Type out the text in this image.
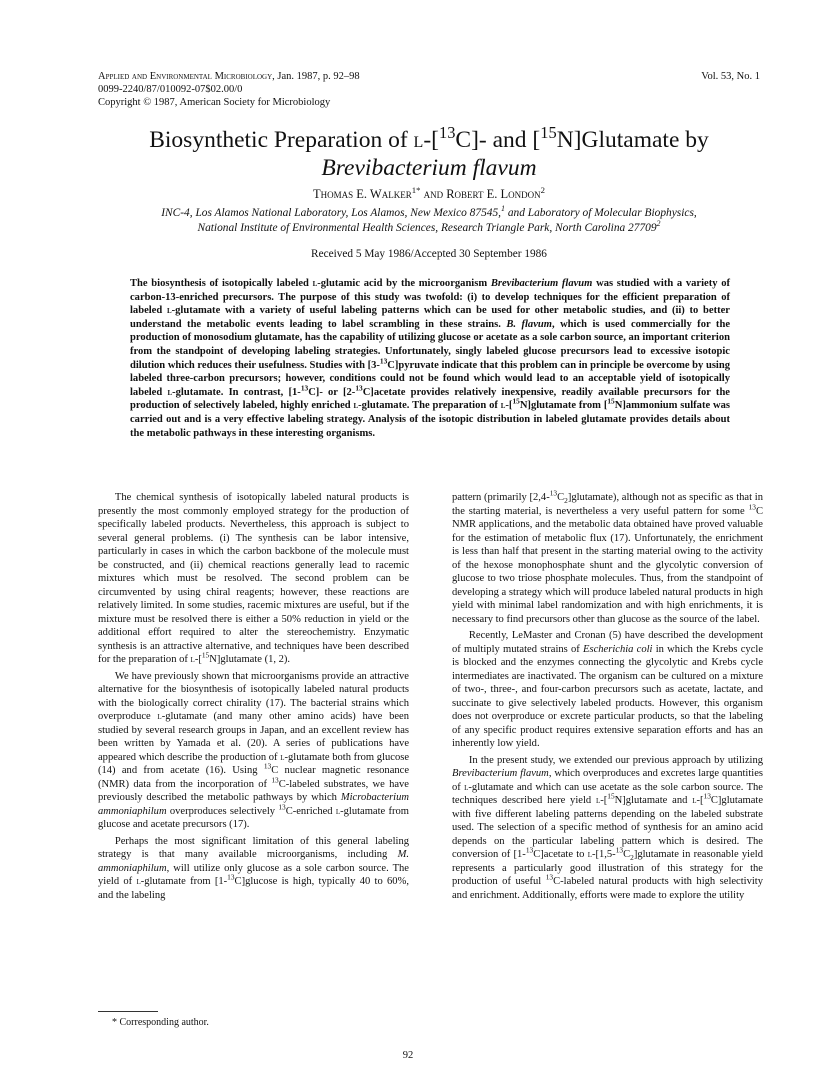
Applied and Environmental Microbiology, Jan. 1987, p. 92–98
0099-2240/87/010092-07$02.00/0
Copyright © 1987, American Society for Microbiology
Vol. 53, No. 1
Biosynthetic Preparation of l-[$^{13}$C]- and [$^{15}$N]Glutamate by
Brevibacterium flavum
Thomas E. Walker$^{1*}$ and Robert E. London$^2$
INC-4, Los Alamos National Laboratory, Los Alamos, New Mexico 87545,$^1$ and Laboratory of Molecular Biophysics,
National Institute of Environmental Health Sciences, Research Triangle Park, North Carolina 27709$^2$
Received 5 May 1986/Accepted 30 September 1986
The biosynthesis of isotopically labeled l-glutamic acid by the microorganism Brevibacterium flavum was studied with a variety of carbon-13-enriched precursors. The purpose of this study was twofold: (i) to develop techniques for the efficient preparation of labeled l-glutamate with a variety of useful labeling patterns which can be used for other metabolic studies, and (ii) to better understand the metabolic events leading to label scrambling in these strains. B. flavum, which is used commercially for the production of monosodium glutamate, has the capability of utilizing glucose or acetate as a sole carbon source, an important criterion from the standpoint of developing labeling strategies. Unfortunately, singly labeled glucose precursors lead to excessive isotopic dilution which reduces their usefulness. Studies with [3-$^{13}$C]pyruvate indicate that this problem can in principle be overcome by using labeled three-carbon precursors; however, conditions could not be found which would lead to an acceptable yield of isotopically labeled l-glutamate. In contrast, [1-$^{13}$C]- or [2-$^{13}$C]acetate provides relatively inexpensive, readily available precursors for the production of selectively labeled, highly enriched l-glutamate. The preparation of l-[$^{15}$N]glutamate from [$^{15}$N]ammonium sulfate was carried out and is a very effective labeling strategy. Analysis of the isotopic distribution in labeled glutamate provides details about the metabolic pathways in these interesting organisms.

The chemical synthesis of isotopically labeled natural products is presently the most commonly employed strategy for the production of specifically labeled products. Nevertheless, this approach is subject to several general problems. (i) The synthesis can be labor intensive, particularly in cases in which the carbon backbone of the molecule must be constructed, and (ii) chemical reactions generally lead to racemic mixtures which must be resolved. The second problem can be circumvented by using chiral reagents; however, these reactions are relatively limited. In some studies, racemic mixtures are useful, but if the mixture must be resolved there is either a 50% reduction in yield or the additional effort required to alter the stereochemistry. Enzymatic synthesis is an attractive alternative, and techniques have been described for the preparation of l-[$^{15}$N]glutamate (1, 2).

We have previously shown that microorganisms provide an attractive alternative for the biosynthesis of isotopically labeled natural products with the biologically correct chirality (17). The bacterial strains which overproduce l-glutamate (and many other amino acids) have been studied by several research groups in Japan, and an excellent review has been written by Yamada et al. (20). A series of publications have appeared which describe the production of l-glutamate both from glucose (14) and from acetate (16). Using $^{13}$C nuclear magnetic resonance (NMR) data from the incorporation of $^{13}$C-labeled substrates, we have previously described the metabolic pathways by which Microbacterium ammoniaphilum overproduces selectively $^{13}$C-enriched l-glutamate from glucose and acetate precursors (17).

Perhaps the most significant limitation of this general labeling strategy is that many available microorganisms, including M. ammoniaphilum, will utilize only glucose as a sole carbon source. The yield of l-glutamate from [1-$^{13}$C]glucose is high, typically 40 to 60%, and the labeling

pattern (primarily $[2,4-^{13}C_2]glutamate$), although not as specific as that in the starting material, is nevertheless a very useful pattern for some $^{13}$C NMR applications, and the metabolic data obtained have proved valuable for the estimation of metabolic flux (17). Unfortunately, the enrichment is less than half that present in the starting material owing to the activity of the hexose monophosphate shunt and the glycolytic conversion of glucose to two triose phosphate molecules. Thus, from the standpoint of developing a strategy which will produce labeled natural products in high yield with minimal label randomization and with high enrichments, it is necessary to find precursors other than glucose as the source of the label.

Recently, LeMaster and Cronan (5) have described the development of multiply mutated strains of Escherichia coli in which the Krebs cycle is blocked and the enzymes connecting the glycolytic and Krebs cycle intermediates are inactivated. The organism can be cultured on a mixture of two-, three-, and four-carbon precursors such as acetate, lactate, and succinate to give selectively labeled products. However, this organism does not overproduce or excrete particular products, so that the labeling of any specific product requires extensive separation efforts and has an inherently low yield.

In the present study, we extended our previous approach by utilizing Brevibacterium flavum, which overproduces and excretes large quantities of l-glutamate and which can use acetate as the sole carbon source. The techniques described here yield l-[$^{15}$N]glutamate and l-[$^{13}$C]glutamate with five different labeling patterns depending on the labeled substrate used. The selection of a specific method of synthesis for an amino acid depends on the particular labeling pattern which is desired. The conversion of [1-$^{13}$C]acetate to $l-[1,5-^{13}C_2]glutamate$ in reasonable yield represents a particularly good illustration of this strategy for the production of useful $^{13}$C-labeled natural products with high selectivity and enrichment. Additionally, efforts were made to explore the utility

* Corresponding author.
92
